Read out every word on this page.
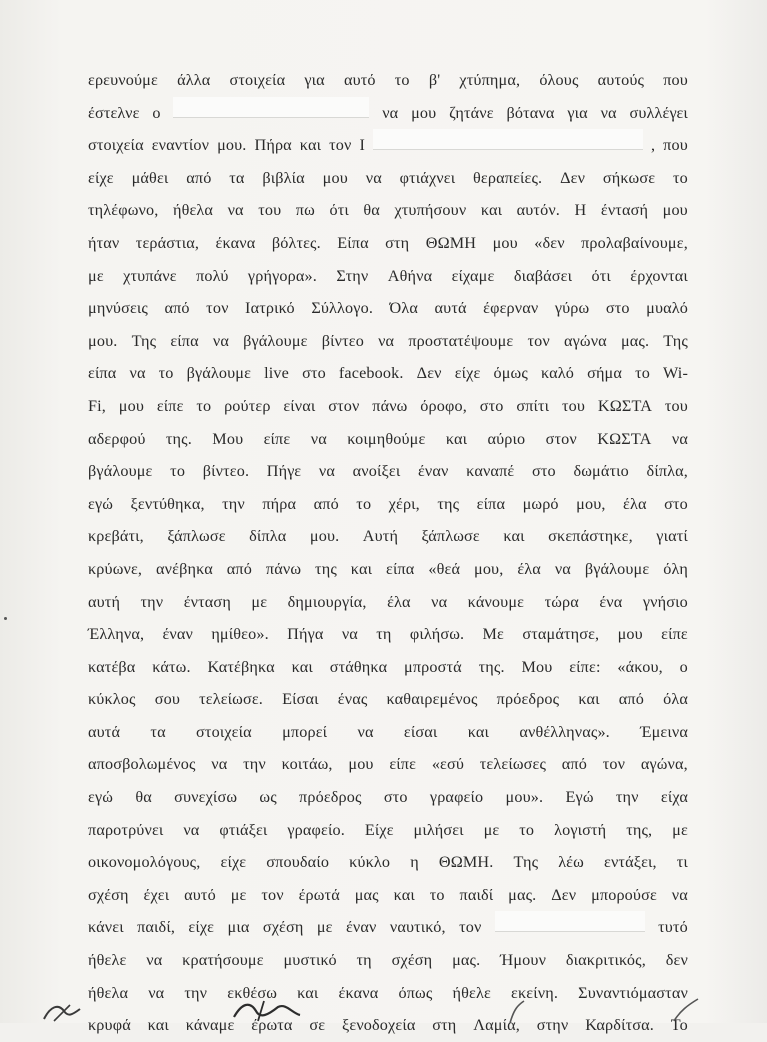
ερευνούμε άλλα στοιχεία για αυτό το β' χτύπημα, όλους αυτούς που
έστελνε ο	να μου ζητάνε βότανα για να συλλέγει
στοιχεία εναντίον μου. Πήρα και τον Ι	, που
είχε μάθει από τα βιβλία μου να φτιάχνει θεραπείες. Δεν σήκωσε το
τηλέφωνο, ήθελα να του πω ότι θα χτυπήσουν και αυτόν. Η έντασή μου
ήταν τεράστια, έκανα βόλτες. Είπα στη ΘΩΜΗ μου «δεν προλαβαίνουμε,
με χτυπάνε πολύ γρήγορα». Στην Αθήνα είχαμε διαβάσει ότι έρχονται
μηνύσεις από τον Ιατρικό Σύλλογο. Όλα αυτά έφερναν γύρω στο μυαλό
μου. Της είπα να βγάλουμε βίντεο να προστατέψουμε τον αγώνα μας. Της
είπα να το βγάλουμε live στο facebook. Δεν είχε όμως καλό σήμα το Wi-
Fi, μου είπε το ρούτερ είναι στον πάνω όροφο, στο σπίτι του ΚΩΣΤΑ του
αδερφού της. Μου είπε να κοιμηθούμε και αύριο στον ΚΩΣΤΑ να
βγάλουμε το βίντεο. Πήγε να ανοίξει έναν καναπέ στο δωμάτιο δίπλα,
εγώ ξεντύθηκα, την πήρα από το χέρι, της είπα μωρό μου, έλα στο
κρεβάτι, ξάπλωσε δίπλα μου. Αυτή ξάπλωσε και σκεπάστηκε, γιατί
κρύωνε, ανέβηκα από πάνω της και είπα «θεά μου, έλα να βγάλουμε όλη
αυτή την ένταση με δημιουργία, έλα να κάνουμε τώρα ένα γνήσιο
Έλληνα, έναν ημίθεο». Πήγα να τη φιλήσω. Με σταμάτησε, μου είπε
κατέβα κάτω. Κατέβηκα και στάθηκα μπροστά της. Μου είπε: «άκου, ο
κύκλος σου τελείωσε. Είσαι ένας καθαιρεμένος πρόεδρος και από όλα
αυτά τα στοιχεία μπορεί να είσαι και ανθέλληνας». Έμεινα
αποσβολωμένος να την κοιτάω, μου είπε «εσύ τελείωσες από τον αγώνα,
εγώ θα συνεχίσω ως πρόεδρος στο γραφείο μου». Εγώ την είχα
παροτρύνει να φτιάξει γραφείο. Είχε μιλήσει με το λογιστή της, με
οικονομολόγους, είχε σπουδαίο κύκλο η ΘΩΜΗ. Της λέω εντάξει, τι
σχέση έχει αυτό με τον έρωτά μας και το παιδί μας. Δεν μπορούσε να
κάνει παιδί, είχε μια σχέση με έναν ναυτικό, τον	τυτό
ήθελε να κρατήσουμε μυστικό τη σχέση μας. Ήμουν διακριτικός, δεν
ήθελα να την εκθέσω και έκανα όπως ήθελε εκείνη. Συναντιόμασταν
κρυφά και κάναμε έρωτα σε ξενοδοχεία στη Λαμία, στην Καρδίτσα. Το
